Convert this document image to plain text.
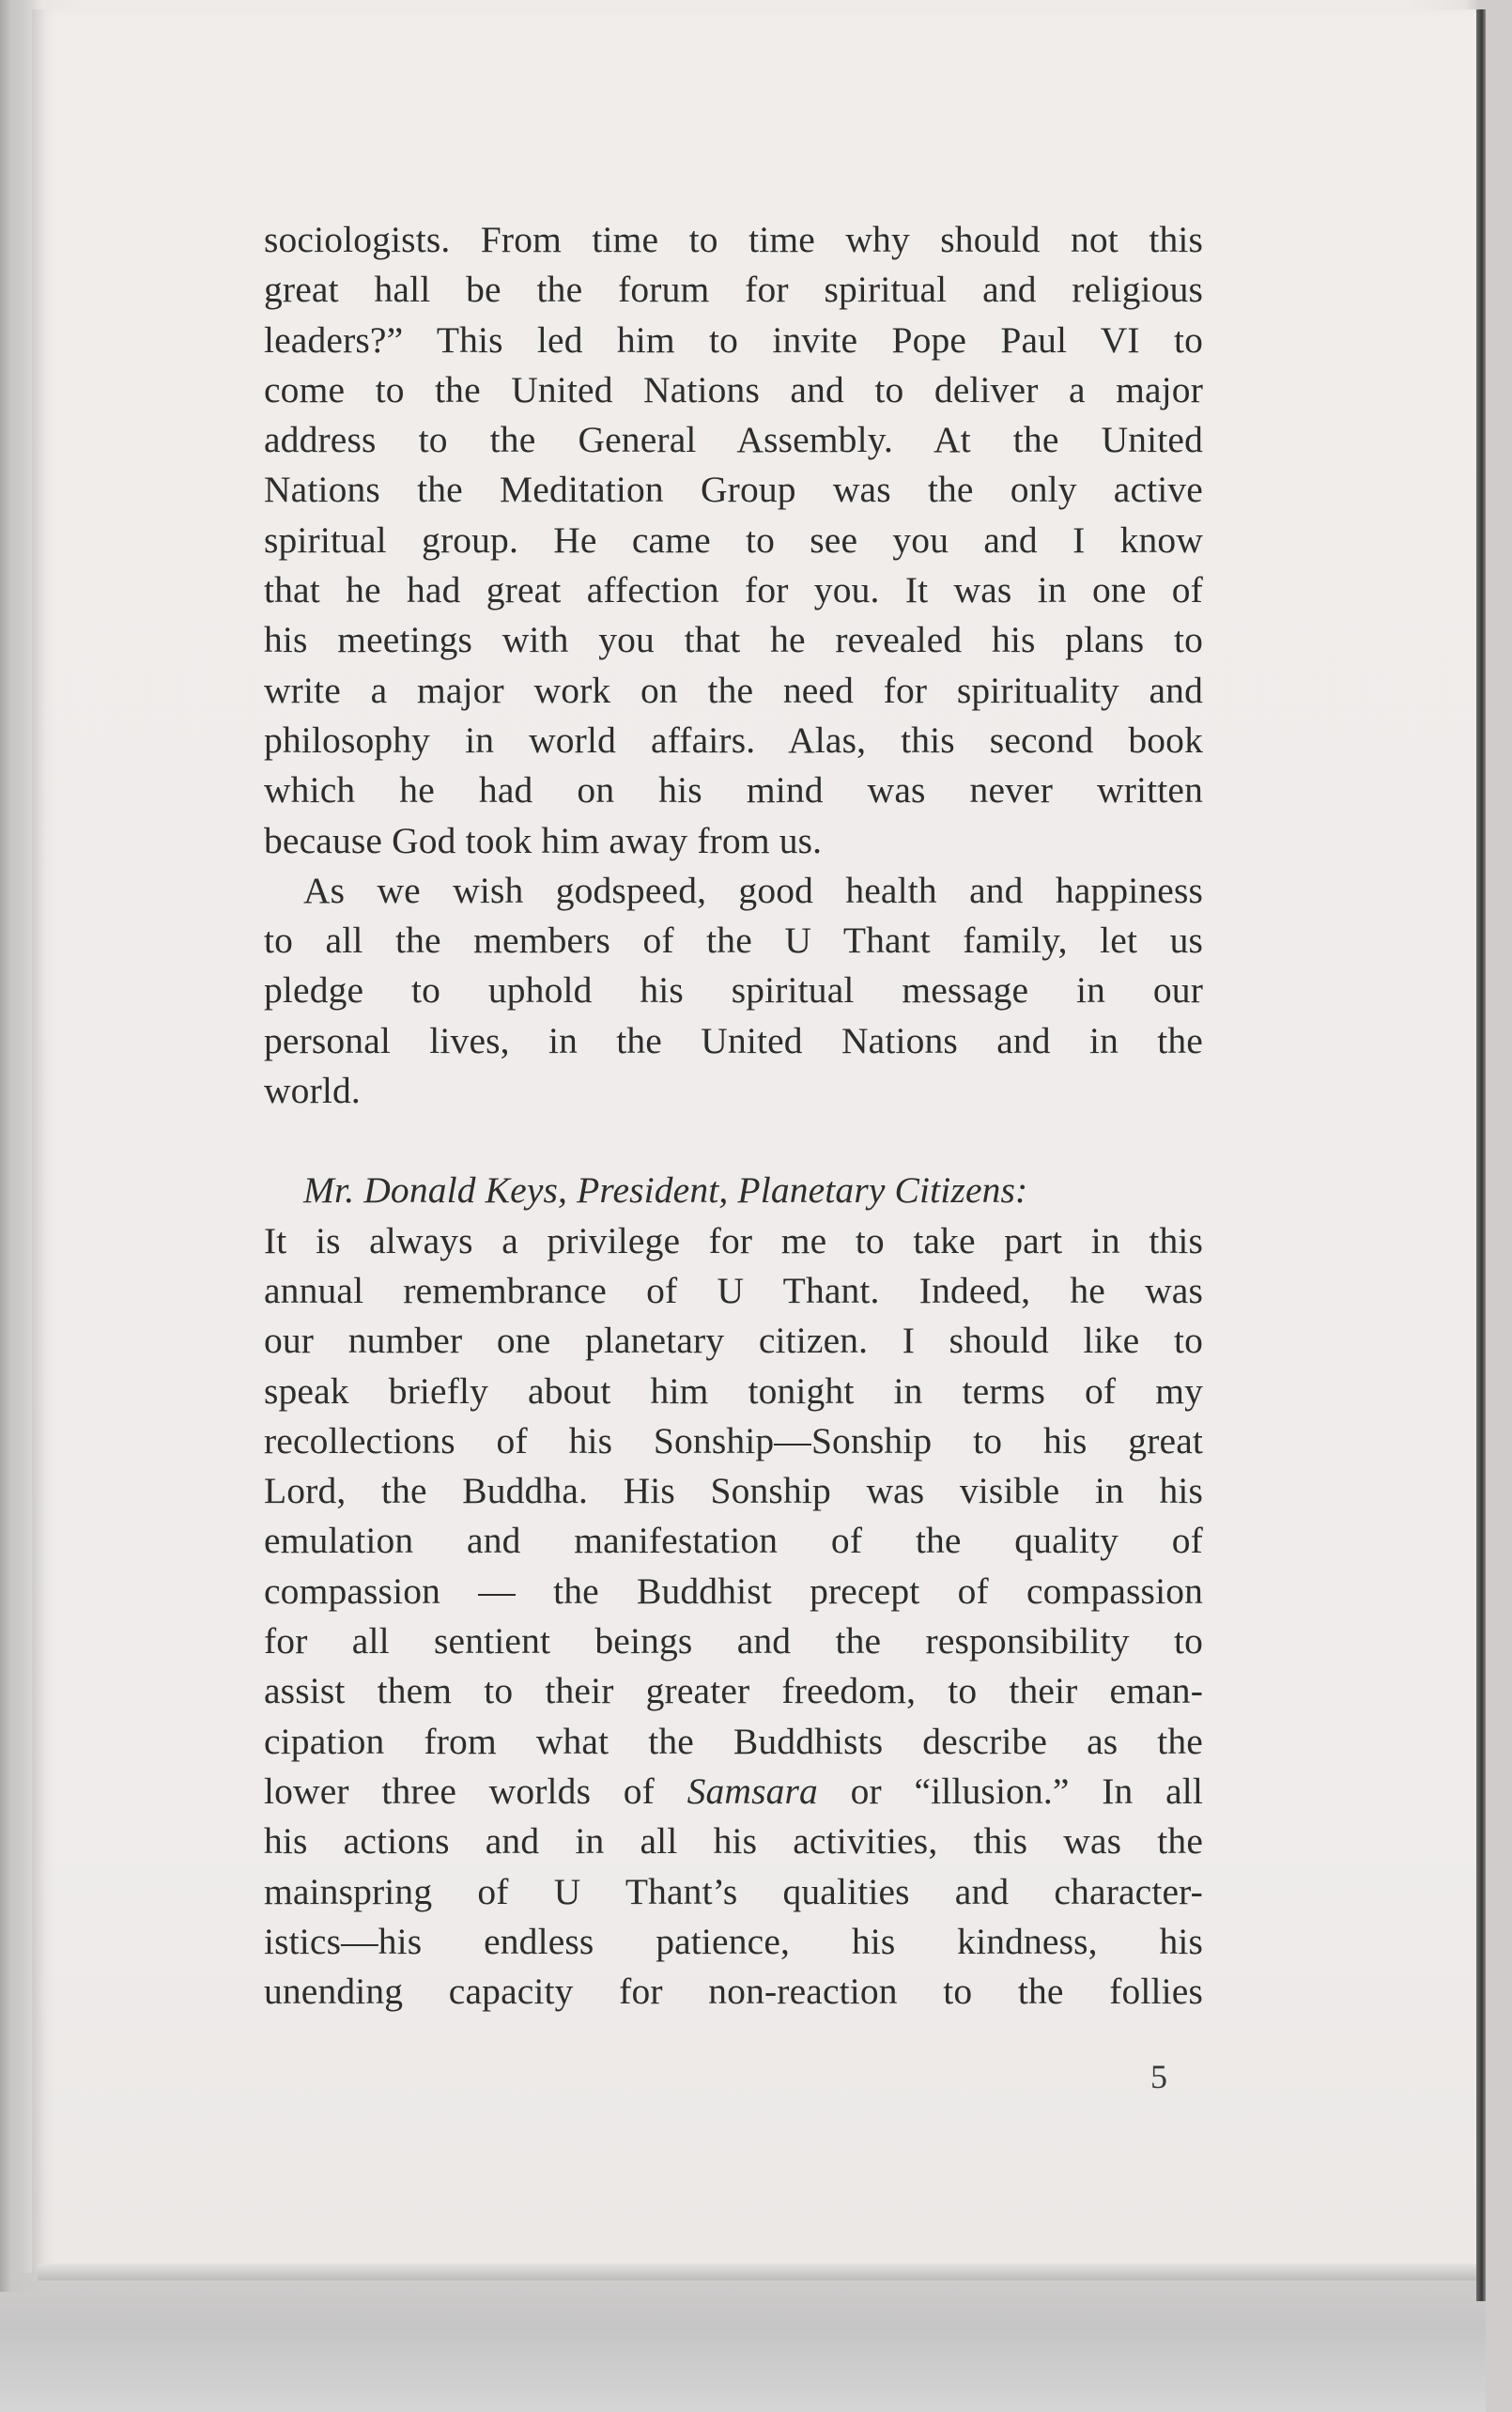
sociologists. From time to time why should not this
great hall be the forum for spiritual and religious
leaders?” This led him to invite Pope Paul VI to
come to the United Nations and to deliver a major
address to the General Assembly. At the United
Nations the Meditation Group was the only active
spiritual group. He came to see you and I know
that he had great affection for you. It was in one of
his meetings with you that he revealed his plans to
write a major work on the need for spirituality and
philosophy in world affairs. Alas, this second book
which he had on his mind was never written
because God took him away from us.
As we wish godspeed, good health and happiness
to all the members of the U Thant family, let us
pledge to uphold his spiritual message in our
personal lives, in the United Nations and in the
world.
Mr. Donald Keys, President, Planetary Citizens:
It is always a privilege for me to take part in this
annual remembrance of U Thant. Indeed, he was
our number one planetary citizen. I should like to
speak briefly about him tonight in terms of my
recollections of his Sonship—Sonship to his great
Lord, the Buddha. His Sonship was visible in his
emulation and manifestation of the quality of
compassion — the Buddhist precept of compassion
for all sentient beings and the responsibility to
assist them to their greater freedom, to their eman-
cipation from what the Buddhists describe as the
lower three worlds of Samsara or “illusion.” In all
his actions and in all his activities, this was the
mainspring of U Thant’s qualities and character-
istics—his endless patience, his kindness, his
unending capacity for non-reaction to the follies
5
